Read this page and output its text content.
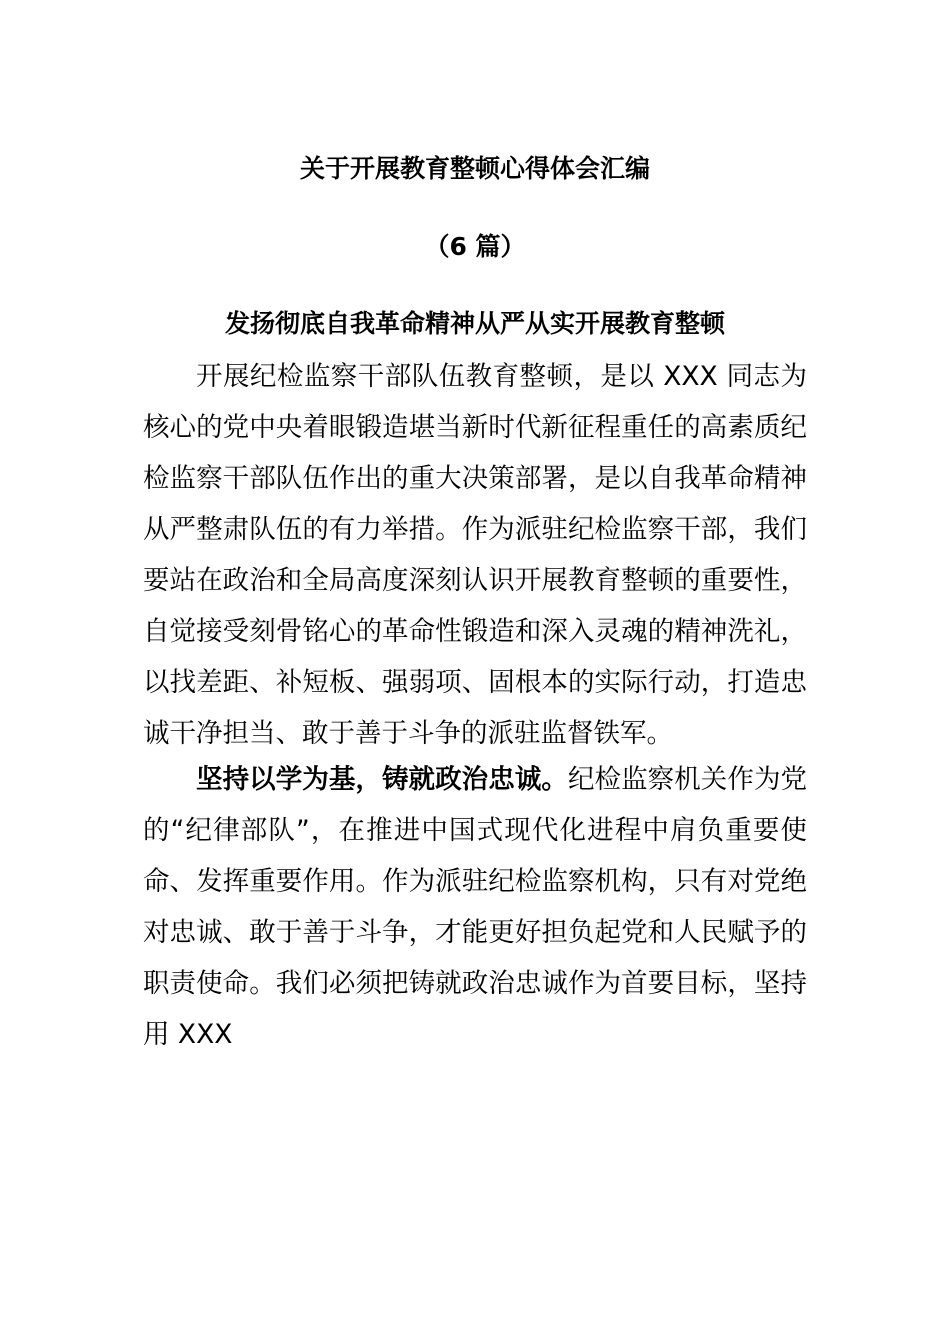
关于开展教育整顿心得体会汇编
（6 篇）
发扬彻底自我革命精神从严从实开展教育整顿

开展纪检监察干部队伍教育整顿，是以 XXX 同志为核心的党中央着眼锻造堪当新时代新征程重任的高素质纪检监察干部队伍作出的重大决策部署，是以自我革命精神从严整肃队伍的有力举措。作为派驻纪检监察干部，我们要站在政治和全局高度深刻认识开展教育整顿的重要性，自觉接受刻骨铭心的革命性锻造和深入灵魂的精神洗礼，以找差距、补短板、强弱项、固根本的实际行动，打造忠诚干净担当、敢于善于斗争的派驻监督铁军。

坚持以学为基，铸就政治忠诚。纪检监察机关作为党的“纪律部队”，在推进中国式现代化进程中肩负重要使命、发挥重要作用。作为派驻纪检监察机构，只有对党绝对忠诚、敢于善于斗争，才能更好担负起党和人民赋予的职责使命。我们必须把铸就政治忠诚作为首要目标，坚持用 XXX
